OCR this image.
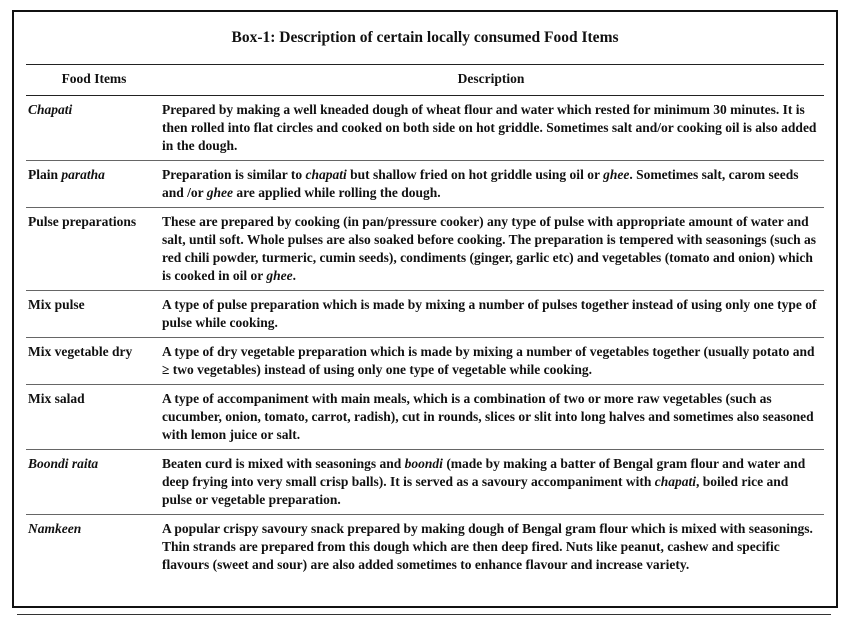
Box-1: Description of certain locally consumed Food Items
Food Items	Description
Chapati	Prepared by making a well kneaded dough of wheat flour and water which rested for minimum 30 minutes. It is then rolled into flat circles and cooked on both side on hot griddle. Sometimes salt and/or cooking oil is also added in the dough.
Plain paratha	Preparation is similar to chapati but shallow fried on hot griddle using oil or ghee. Sometimes salt, carom seeds and /or ghee are applied while rolling the dough.
Pulse preparations	These are prepared by cooking (in pan/pressure cooker) any type of pulse with appropriate amount of water and salt, until soft. Whole pulses are also soaked before cooking. The preparation is tempered with seasonings (such as red chili powder, turmeric, cumin seeds), condiments (ginger, garlic etc) and vegetables (tomato and onion) which is cooked in oil or ghee.
Mix pulse	A type of pulse preparation which is made by mixing a number of pulses together instead of using only one type of pulse while cooking.
Mix vegetable dry	A type of dry vegetable preparation which is made by mixing a number of vegetables together (usually potato and ≥ two vegetables) instead of using only one type of vegetable while cooking.
Mix salad	A type of accompaniment with main meals, which is a combination of two or more raw vegetables (such as cucumber, onion, tomato, carrot, radish), cut in rounds, slices or slit into long halves and sometimes also seasoned with lemon juice or salt.
Boondi raita	Beaten curd is mixed with seasonings and boondi (made by making a batter of Bengal gram flour and water and deep frying into very small crisp balls). It is served as a savoury accompaniment with chapati, boiled rice and pulse or vegetable preparation.
Namkeen	A popular crispy savoury snack prepared by making dough of Bengal gram flour which is mixed with seasonings. Thin strands are prepared from this dough which are then deep fired. Nuts like peanut, cashew and specific flavours (sweet and sour) are also added sometimes to enhance flavour and increase variety.
